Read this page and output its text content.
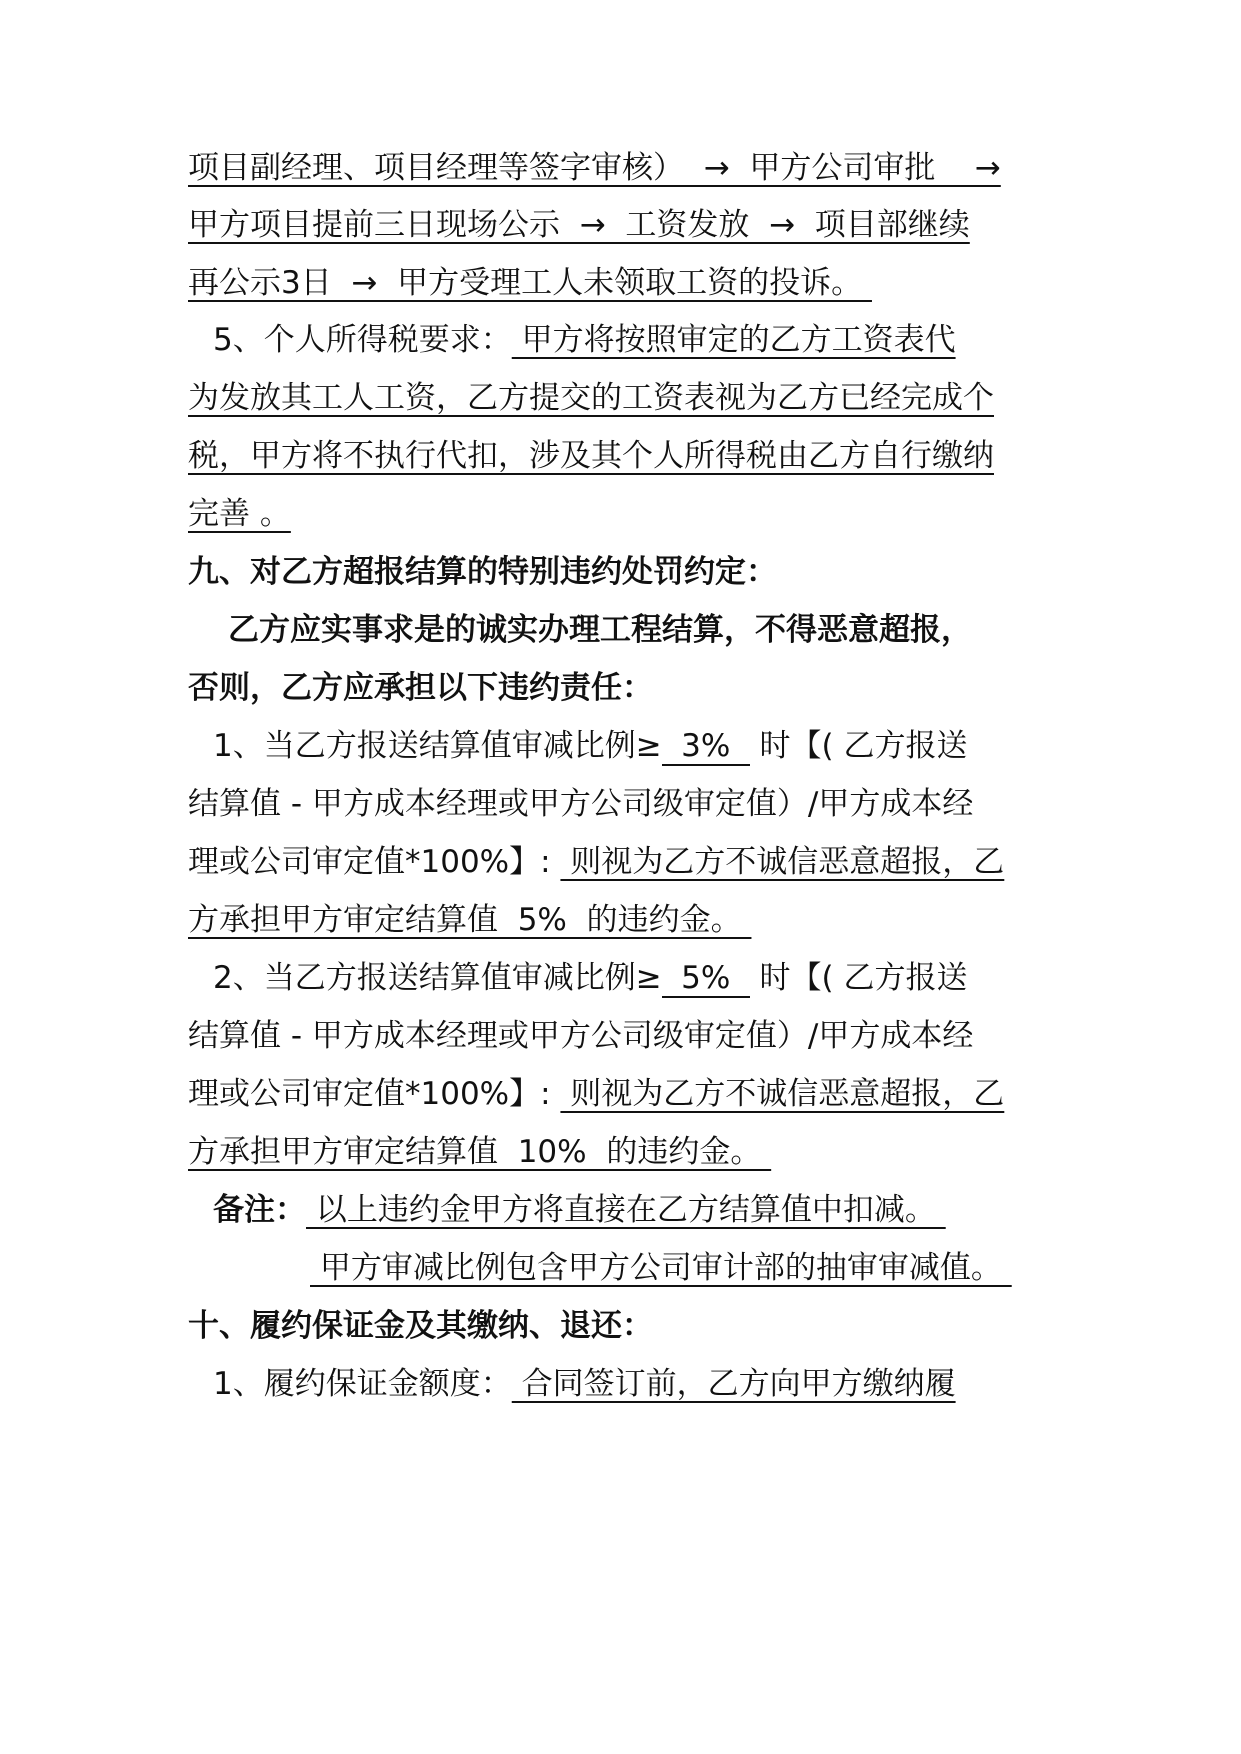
项目副经理、项目经理等签字审核）  →  甲方公司审批    →
甲方项目提前三日现场公示  →  工资发放  →  项目部继续
再公示3日  →  甲方受理工人未领取工资的投诉。
5、个人所得税要求： 甲方将按照审定的乙方工资表代
为发放其工人工资，乙方提交的工资表视为乙方已经完成个
税，甲方将不执行代扣，涉及其个人所得税由乙方自行缴纳
完善 。
九、对乙方超报结算的特别违约处罚约定：
乙方应实事求是的诚实办理工程结算，不得恶意超报，
否则，乙方应承担以下违约责任：
1、当乙方报送结算值审减比例≥ 3% 时【( 乙方报送
结算值 - 甲方成本经理或甲方公司级审定值）/甲方成本经
理或公司审定值*100%】:  则视为乙方不诚信恶意超报，乙
方承担甲方审定结算值  5%  的违约金。
2、当乙方报送结算值审减比例≥ 5% 时【( 乙方报送
结算值 - 甲方成本经理或甲方公司级审定值）/甲方成本经
理或公司审定值*100%】:  则视为乙方不诚信恶意超报，乙
方承担甲方审定结算值  10%  的违约金。
备注： 以上违约金甲方将直接在乙方结算值中扣减。
甲方审减比例包含甲方公司审计部的抽审审减值。
十、履约保证金及其缴纳、退还：
1、履约保证金额度： 合同签订前，乙方向甲方缴纳履
